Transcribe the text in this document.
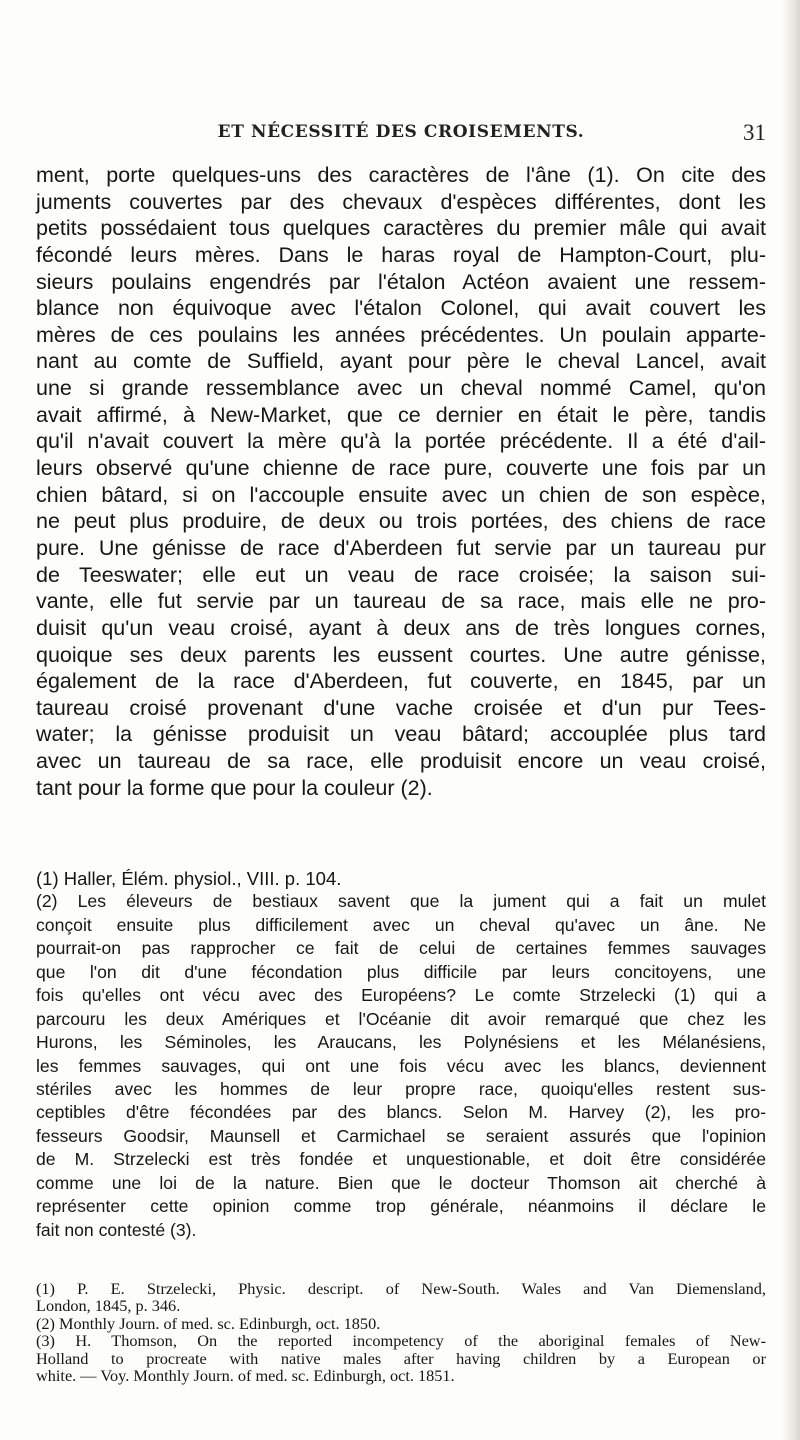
ET NÉCESSITÉ DES CROISEMENTS.	31
ment, porte quelques-uns des caractères de l'âne (1). On cite des
juments couvertes par des chevaux d'espèces différentes, dont les
petits possédaient tous quelques caractères du premier mâle qui avait
fécondé leurs mères. Dans le haras royal de Hampton-Court, plu-
sieurs poulains engendrés par l'étalon Actéon avaient une ressem-
blance non équivoque avec l'étalon Colonel, qui avait couvert les
mères de ces poulains les années précédentes. Un poulain apparte-
nant au comte de Suffield, ayant pour père le cheval Lancel, avait
une si grande ressemblance avec un cheval nommé Camel, qu'on
avait affirmé, à New-Market, que ce dernier en était le père, tandis
qu'il n'avait couvert la mère qu'à la portée précédente. Il a été d'ail-
leurs observé qu'une chienne de race pure, couverte une fois par un
chien bâtard, si on l'accouple ensuite avec un chien de son espèce,
ne peut plus produire, de deux ou trois portées, des chiens de race
pure. Une génisse de race d'Aberdeen fut servie par un taureau pur
de Teeswater; elle eut un veau de race croisée; la saison sui-
vante, elle fut servie par un taureau de sa race, mais elle ne pro-
duisit qu'un veau croisé, ayant à deux ans de très longues cornes,
quoique ses deux parents les eussent courtes. Une autre génisse,
également de la race d'Aberdeen, fut couverte, en 1845, par un
taureau croisé provenant d'une vache croisée et d'un pur Tees-
water; la génisse produisit un veau bâtard; accouplée plus tard
avec un taureau de sa race, elle produisit encore un veau croisé,
tant pour la forme que pour la couleur (2).
(1) Haller, Élém. physiol., VIII. p. 104.
(2) Les éleveurs de bestiaux savent que la jument qui a fait un mulet
conçoit ensuite plus difficilement avec un cheval qu'avec un âne. Ne
pourrait-on pas rapprocher ce fait de celui de certaines femmes sauvages
que l'on dit d'une fécondation plus difficile par leurs concitoyens, une
fois qu'elles ont vécu avec des Européens? Le comte Strzelecki (1) qui a
parcouru les deux Amériques et l'Océanie dit avoir remarqué que chez les
Hurons, les Séminoles, les Araucans, les Polynésiens et les Mélanésiens,
les femmes sauvages, qui ont une fois vécu avec les blancs, deviennent
stériles avec les hommes de leur propre race, quoiqu'elles restent sus-
ceptibles d'être fécondées par des blancs. Selon M. Harvey (2), les pro-
fesseurs Goodsir, Maunsell et Carmichael se seraient assurés que l'opinion
de M. Strzelecki est très fondée et unquestionable, et doit être considérée
comme une loi de la nature. Bien que le docteur Thomson ait cherché à
représenter cette opinion comme trop générale, néanmoins il déclare le
fait non contesté (3).
(1) P. E. Strzelecki, Physic. descript. of New-South. Wales and Van Diemensland,
London, 1845, p. 346.
(2) Monthly Journ. of med. sc. Edinburgh, oct. 1850.
(3) H. Thomson, On the reported incompetency of the aboriginal females of New-
Holland to procreate with native males after having children by a European or
white. — Voy. Monthly Journ. of med. sc. Edinburgh, oct. 1851.
